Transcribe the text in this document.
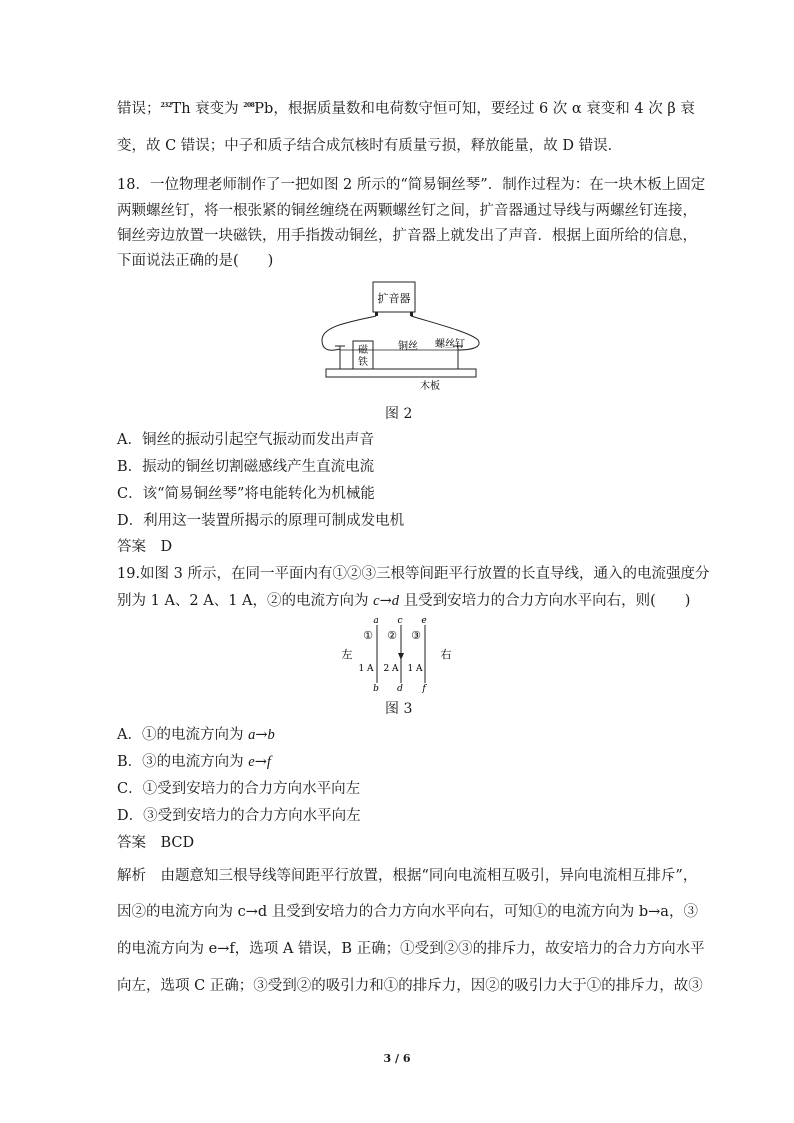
错误；$^{232}$Th 衰变为 $^{208}$Pb，根据质量数和电荷数守恒可知，要经过 6 次 α 衰变和 4 次 β 衰
变，故 C 错误；中子和质子结合成氘核时有质量亏损，释放能量，故 D 错误．
18．一位物理老师制作了一把如图 2 所示的“简易铜丝琴”．制作过程为：在一块木板上固定
两颗螺丝钉，将一根张紧的铜丝缠绕在两颗螺丝钉之间，扩音器通过导线与两螺丝钉连接，
铜丝旁边放置一块磁铁，用手指拨动铜丝，扩音器上就发出了声音．根据上面所给的信息，
下面说法正确的是(　　)
扩音器
磁
铁
铜丝 螺丝钉
木板
图 2
A．铜丝的振动引起空气振动而发出声音
B．振动的铜丝切割磁感线产生直流电流
C．该“简易铜丝琴”将电能转化为机械能
D．利用这一装置所揭示的原理可制成发电机
答案　D
19.如图 3 所示，在同一平面内有①②③三根等间距平行放置的长直导线，通入的电流强度分
别为 1 A、2 A、1 A，②的电流方向为 c→d 且受到安培力的合力方向水平向右，则(　　)
a c e
① ② ③
左	右
1 A 2 A 1 A
b d f
图 3
A．①的电流方向为 a→b
B．③的电流方向为 e→f
C．①受到安培力的合力方向水平向左
D．③受到安培力的合力方向水平向左
答案　BCD
解析　由题意知三根导线等间距平行放置，根据“同向电流相互吸引，异向电流相互排斥”，
因②的电流方向为 c→d 且受到安培力的合力方向水平向右，可知①的电流方向为 b→a，③
的电流方向为 e→f，选项 A 错误，B 正确；①受到②③的排斥力，故安培力的合力方向水平
向左，选项 C 正确；③受到②的吸引力和①的排斥力，因②的吸引力大于①的排斥力，故③
3 / 6
